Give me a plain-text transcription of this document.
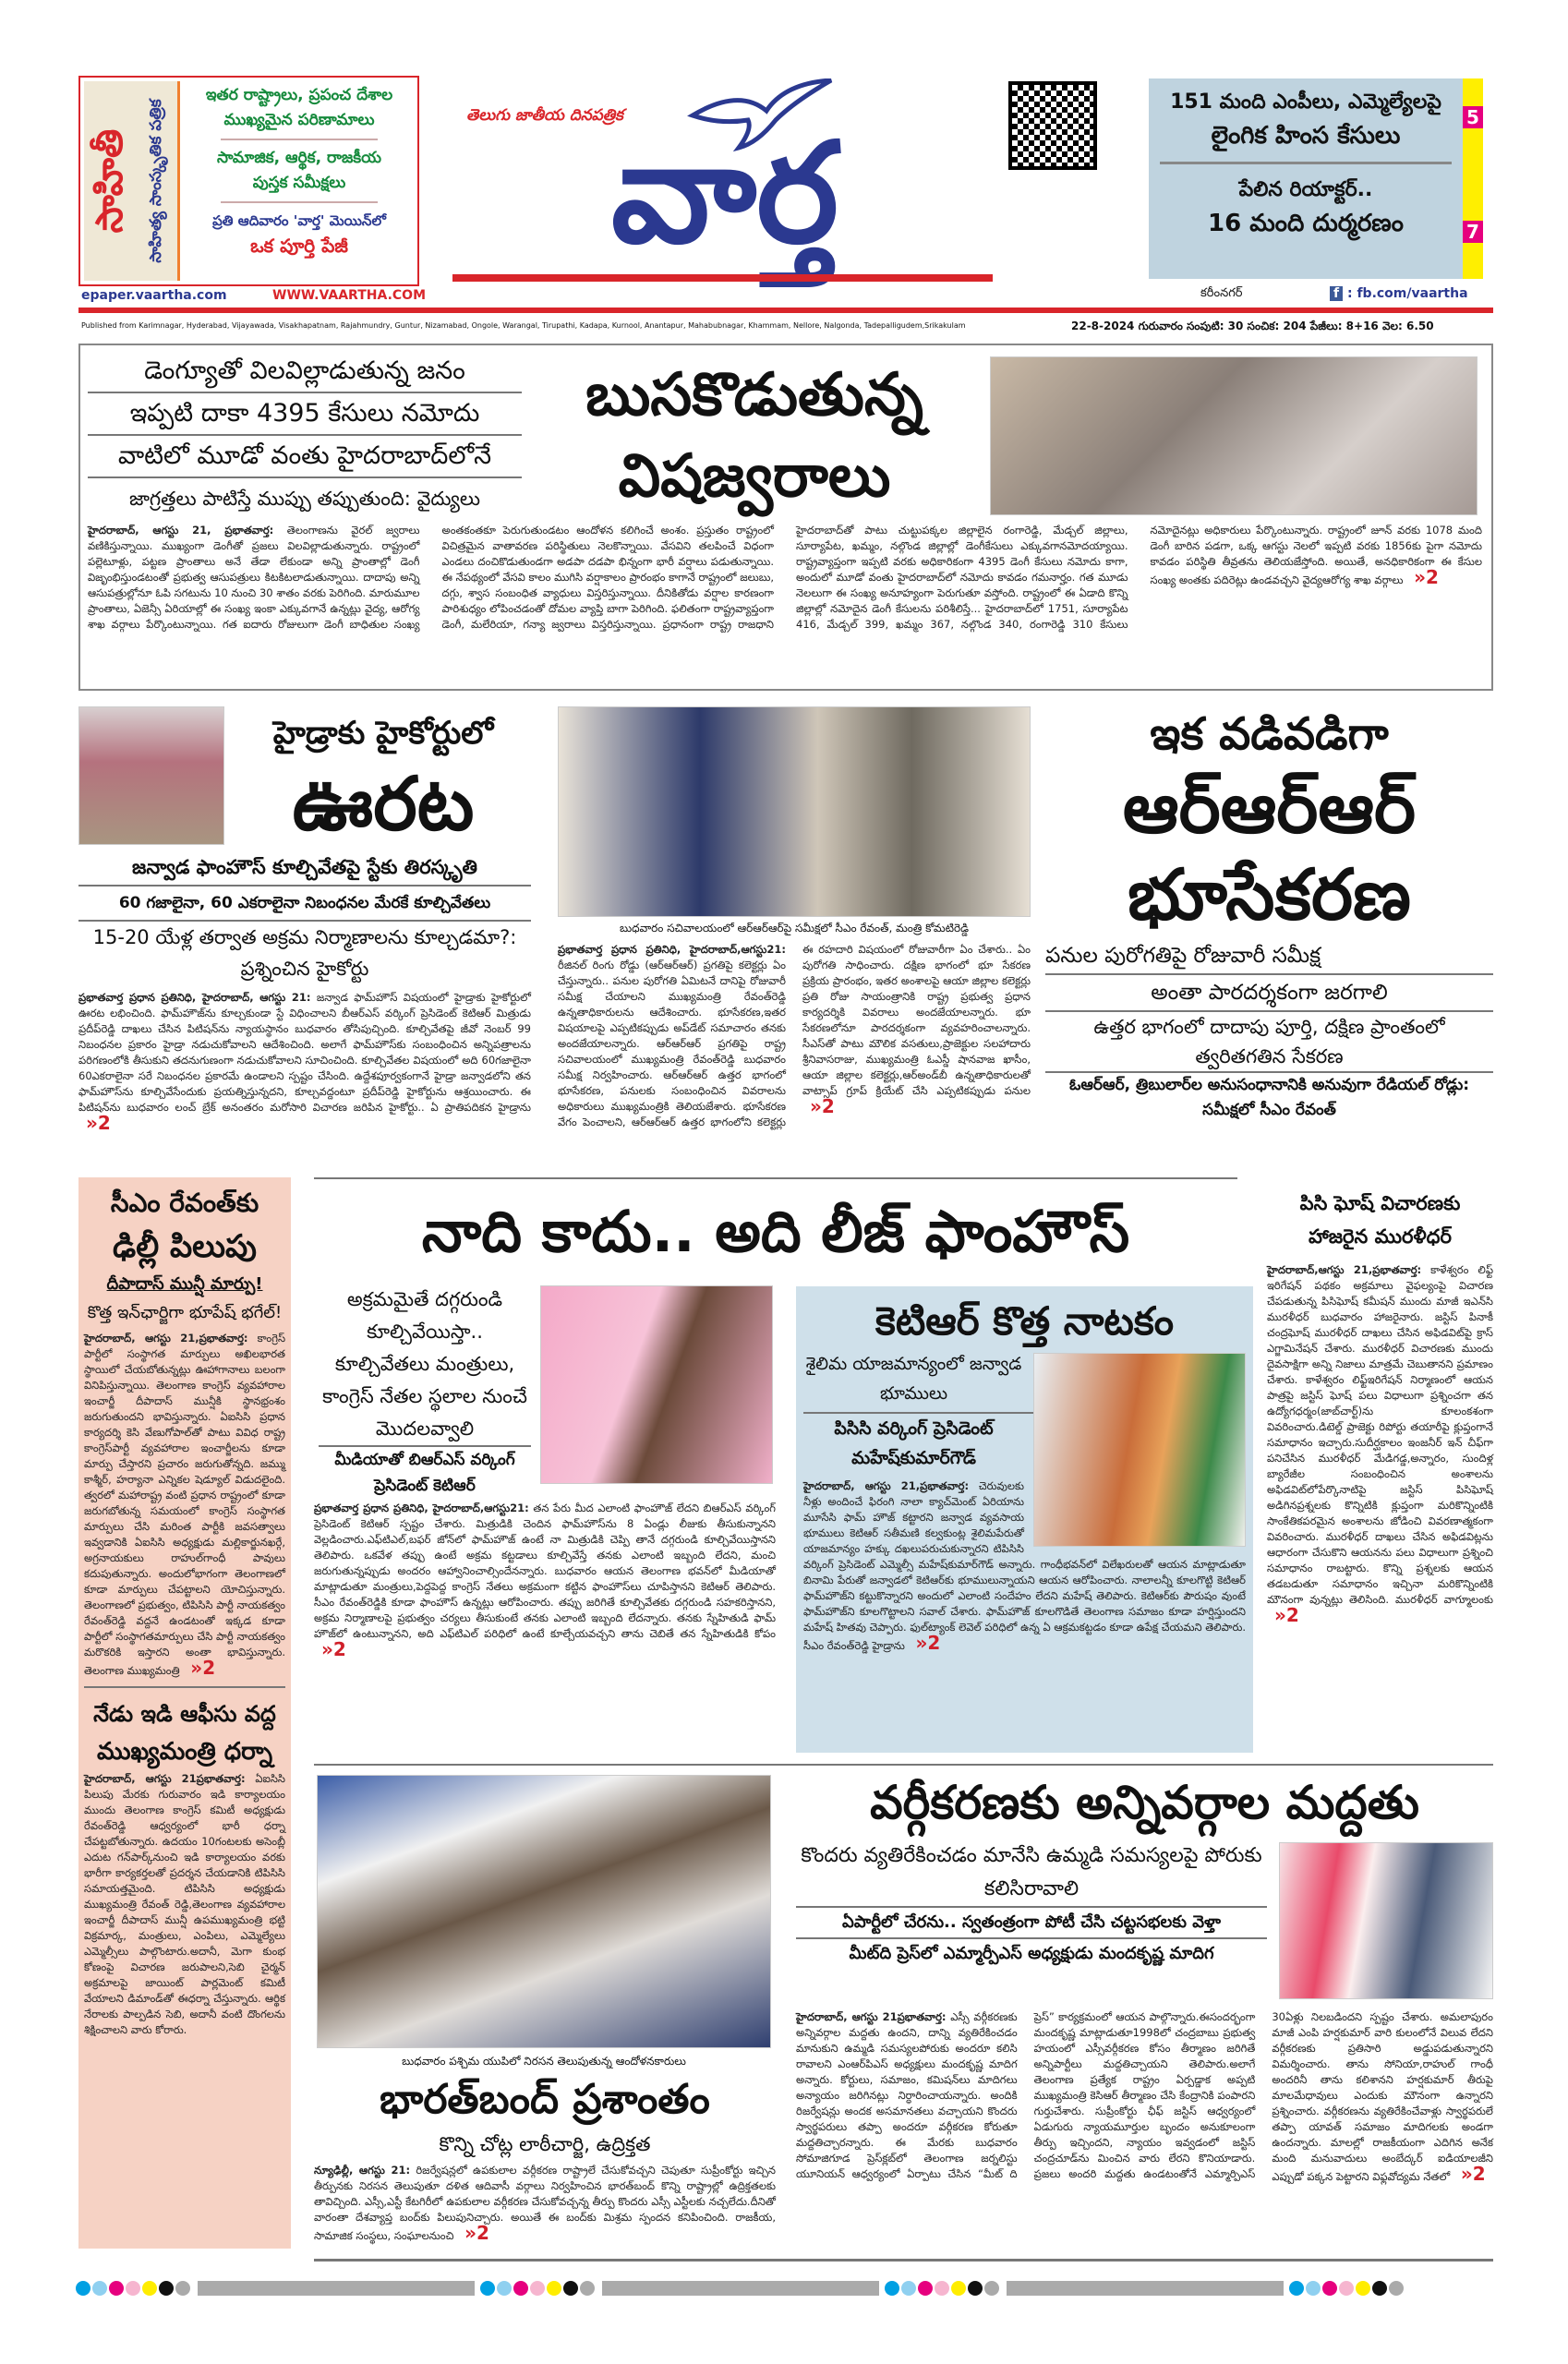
సాహితీ సాహిత్య సాంస్కృతిక పత్రిక
ఇతర రాష్ట్రాలు, ప్రపంచ దేశాల
ముఖ్యమైన పరిణామాలు
సామాజిక, ఆర్థిక, రాజకీయ
పుస్తక సమీక్షలు
ప్రతి ఆదివారం 'వార్త' మెయిన్‌లో
ఒక పూర్తి పేజీ
epaper.vaartha.com	WWW.VAARTHA.COM
తెలుగు జాతీయ దినపత్రిక
వార్త
151 మంది ఎంపీలు, ఎమ్మెల్యేలపై
లైంగిక హింస కేసులు
పేలిన రియాక్టర్..
16 మంది దుర్మరణం
5
7
కరీంనగర్	f : fb.com/vaartha
Published from Karimnagar, Hyderabad, Vijayawada, Visakhapatnam, Rajahmundry, Guntur, Nizamabad, Ongole, Warangal, Tirupathi, Kadapa, Kurnool, Anantapur, Mahabubnagar, Khammam, Nellore, Nalgonda, Tadepalligudem,Srikakulam	22-8-2024 గురువారం సంపుటి: 30 సంచిక: 204 పేజీలు: 8+16 వెల: 6.50
డెంగ్యూతో విలవిల్లాడుతున్న జనం
ఇప్పటి దాకా 4395 కేసులు నమోదు
వాటిలో మూడో వంతు హైదరాబాద్‌లోనే
జాగ్రత్తలు పాటిస్తే ముప్పు తప్పుతుంది: వైద్యులు
బుసకొడుతున్న
విషజ్వరాలు
హైదరాబాద్, ఆగస్టు 21, ప్రభాతవార్త: తెలంగాణను వైరల్ జ్వరాలు వణికిస్తున్నాయి. ముఖ్యంగా డెంగీతో ప్రజలు విలవిల్లాడుతున్నారు. రాష్ట్రంలో పల్లెటూళ్లు, పట్టణ ప్రాంతాలు అనే తేడా లేకుండా అన్ని ప్రాంతాల్లో డెంగీ విజృంభిస్తుండటంతో ప్రభుత్వ ఆసుపత్రులు కిటకిటలాడుతున్నాయి. దాదాపు అన్ని ఆసుపత్రుల్లోనూ ఓపి సగటును 10 నుంచి 30 శాతం వరకు పెరిగింది. మారుమూల ప్రాంతాలు, ఏజెన్సీ ఏరియాల్లో ఈ సంఖ్య ఇంకా ఎక్కువగానే ఉన్నట్లు వైద్య, ఆరోగ్య శాఖ వర్గాలు పేర్కొంటున్నాయి. గత ఐదారు రోజులుగా డెంగీ బాధితుల సంఖ్య అంతకంతకూ పెరుగుతుండటం ఆందోళన కలిగించే అంశం. ప్రస్తుతం రాష్ట్రంలో విచిత్రమైన వాతావరణ పరిస్థితులు నెలకొన్నాయి. వేసవిని తలపించే విధంగా ఎండలు దంచికొడుతుండగా అడపా దడపా భిన్నంగా భారీ వర్షాలు పడుతున్నాయి. ఈ నేపథ్యంలో వేసవి కాలం ముగిసి వర్షాకాలం ప్రారంభం కాగానే రాష్ట్రంలో జలుబు, దగ్గు, శ్వాస సంబంధిత వ్యాధులు విస్తరిస్తున్నాయి. దీనికితోడు వర్షాల కారణంగా పారిశుధ్యం లోపించడంతో దోమల వ్యాప్తి బాగా పెరిగింది. ఫలితంగా రాష్ట్రవ్యాప్తంగా డెంగీ, మలేరియా, గన్యా జ్వరాలు విస్తరిస్తున్నాయి. ప్రధానంగా రాష్ట్ర రాజధాని హైదరాబాద్‌తో పాటు చుట్టుపక్కల జిల్లాలైన రంగారెడ్డి, మేడ్చల్ జిల్లాలు, సూర్యాపేట, ఖమ్మం, నల్గొండ జిల్లాల్లో డెంగీకేసులు ఎక్కువగానమోదయ్యాయి. రాష్ట్రవ్యాప్తంగా ఇప్పటి వరకు అధికారికంగా 4395 డెంగీ కేసులు నమోదు కాగా, అందులో మూడో వంతు హైదరాబాద్‌లో నమోదు కావడం గమనార్హం. గత మూడు నెలలుగా ఈ సంఖ్య అనూహ్యంగా పెరుగుతూ వస్తోంది. రాష్ట్రంలో ఈ ఏడాది కొన్ని జిల్లాల్లో నమోదైన డెంగీ కేసులను పరిశీలిస్తే... హైదరాబాద్‌లో 1751, సూర్యాపేట 416, మేడ్చల్ 399, ఖమ్మం 367, నల్గొండ 340, రంగారెడ్డి 310 కేసులు నమోదైనట్లు అధికారులు పేర్కొంటున్నారు. రాష్ట్రంలో జూన్ వరకు 1078 మంది డెంగీ బారిన పడగా, ఒక్క ఆగస్టు నెలలో ఇప్పటి వరకు 1856కు పైగా నమోదు కావడం పరిస్థితి తీవ్రతను తెలియజేస్తోంది. అయితే, అనధికారికంగా ఈ కేసుల సంఖ్య అంతకు పదిరెట్లు ఉండవచ్చని వైద్యఆరోగ్య శాఖ వర్గాలు »2
హైడ్రాకు హైకోర్టులో
ఊరట
జన్వాడ ఫాంహౌస్ కూల్చివేతపై స్టేకు తిరస్కృతి
60 గజాలైనా, 60 ఎకరాలైనా నిబంధనల మేరకే కూల్చివేతలు
15-20 యేళ్ల తర్వాత అక్రమ నిర్మాణాలను కూల్చడమా?: ప్రశ్నించిన హైకోర్టు
ప్రభాతవార్త ప్రధాన ప్రతినిధి, హైదరాబాద్, ఆగస్టు 21: జన్వాడ ఫామ్‌హౌస్ విషయంలో హైడ్రాకు హైకోర్టులో ఊరట లభించింది. ఫామ్‌హౌజ్‌ను కూల్చకుండా స్టే విధించాలని బీఆర్ఎస్ వర్కింగ్ ప్రెసిడెంట్ కెటిఆర్ మిత్రుడు ప్రదీప్‌రెడ్డి దాఖలు చేసిన పిటిషన్‌ను న్యాయస్థానం బుధవారం తోసిపుచ్చింది. కూల్చివేతపై జీవో నెంబర్ 99 నిబంధనల ప్రకారం హైడ్రా నడుచుకోవాలని ఆదేశించింది. అలాగే ఫామ్‌హౌస్‌కు సంబంధించిన అన్నిపత్రాలను పరిగణంలోకి తీసుకుని తదనుగుణంగా నడుచుకోవాలని సూచించింది. కూల్చివేతల విషయంలో అది 60గజాలైనా 60ఎకరాలైనా సరే నిబంధనల ప్రకారమే ఉండాలని స్పష్టం చేసింది. ఉద్దేశపూర్వకంగానే హైడ్రా జన్వాడలోని తన ఫామ్‌హౌస్‌ను కూల్చివేసేందుకు ప్రయత్నిస్తున్నదని, కూల్చవద్దంటూ ప్రదీప్‌రెడ్డి హైకోర్టును ఆశ్రయించారు. ఈ పిటిషన్‌ను బుధవారం లంచ్ బ్రేక్ అనంతరం మరోసారి విచారణ జరిపిన హైకోర్టు.. ఏ ప్రాతిపదికన హైడ్రాను »2
బుధవారం సచివాలయంలో ఆర్ఆర్ఆర్‌పై సమీక్షలో సీఎం రేవంత్, మంత్రి కోమటిరెడ్డి
ప్రభాతవార్త ప్రధాన ప్రతినిధి, హైదరాబాద్,ఆగస్టు21: రీజినల్ రింగు రోడ్డు (ఆర్ఆర్ఆర్) ప్రగతిపై కలెక్టర్లు ఏం చేస్తున్నారు.. పనుల పురోగతి ఏమిటనే దానిపై రోజువారీ సమీక్ష చేయాలని ముఖ్యమంత్రి రేవంత్‌రెడ్డి ఉన్నతాధికారులను ఆదేశించారు. భూసేకరణ,ఇతర విషయాలపై ఎప్పటికప్పుడు అప్‌డేట్ సమాచారం తనకు అందజేయాలన్నారు. ఆర్ఆర్ఆర్ ప్రగతిపై రాష్ట్ర సచివాలయంలో ముఖ్యమంత్రి రేవంత్‌రెడ్డి బుధవారం సమీక్ష నిర్వహించారు. ఆర్ఆర్ఆర్ ఉత్తర భాగంలో భూసేకరణ, పనులకు సంబంధించిన వివరాలను అధికారులు ముఖ్యమంత్రికి తెలియజేశారు. భూసేకరణ వేగం పెంచాలని, ఆర్ఆర్ఆర్ ఉత్తర భాగంలోని కలెక్టర్లు ఈ రహదారి విషయంలో రోజువారీగా ఏం చేశారు.. ఏం పురోగతి సాధించారు. దక్షిణ భాగంలో భూ సేకరణ ప్రక్రియ ప్రారంభం, ఇతర అంశాలపై ఆయా జిల్లాల కలెక్టర్లు ప్రతి రోజు సాయంత్రానికి రాష్ట్ర ప్రభుత్వ ప్రధాన కార్యదర్శికి వివరాలు అందజేయాలన్నారు. భూ సేకరణలోనూ పారదర్శకంగా వ్యవహరించాలన్నారు. సీఎస్‌తో పాటు మౌలిక వసతులు,ప్రాజెక్టుల సలహాదారు శ్రీనివాసరాజు, ముఖ్యమంత్రి ఓఎస్డీ షానవాజ ఖాసీం, ఆయా జిల్లాల కలెక్టర్లు,ఆర్అండ్‌బీ ఉన్నతాధికారులతో వాట్సాప్ గ్రూప్ క్రియేట్ చేసి ఎప్పటికప్పుడు పనుల »2
ఇక వడివడిగా
ఆర్ఆర్ఆర్
భూసేకరణ
పనుల పురోగతిపై రోజువారీ సమీక్ష
అంతా పారదర్శకంగా జరగాలి
ఉత్తర భాగంలో దాదాపు పూర్తి, దక్షిణ ప్రాంతంలో త్వరితగతిన సేకరణ
ఓఆర్ఆర్, త్రిబులార్‌ల అనుసంధానానికి అనువుగా రేడియల్ రోడ్లు: సమీక్షలో సీఎం రేవంత్
సీఎం రేవంత్‌కు
ఢిల్లీ పిలుపు
దీపాదాస్ మున్షీ మార్పు!
కొత్త ఇన్‌ఛార్జిగా భూపేష్ భగేల్!
హైదరాబాద్, ఆగస్టు 21,ప్రభాతవార్త: కాంగ్రెస్ పార్టీలో సంస్థాగత మార్పులు అఖిలభారత స్థాయిలో చేయబోతున్నట్లు ఊహాగానాలు బలంగా వినిపిస్తున్నాయి. తెలంగాణ కాంగ్రెస్ వ్యవహారాల ఇంచార్జీ దీపాదాస్ మున్షీకి స్థానభ్రంశం జరుగుతుందని భావిస్తున్నారు. ఏఐసిసి ప్రధాన కార్యదర్శి కెసి వేణుగోపాల్‌తో పాటు వివిధ రాష్ట్ర కాంగ్రెస్‌పార్టీ వ్యవహారాల ఇంచార్జీలను కూడా మార్పు చేస్తారని ప్రచారం జరుగుతోన్నది. జమ్ము కాశ్మీర్, హర్యానా ఎన్నికల షెడ్యూల్ విడుదలైంది. త్వరలో మహారాష్ట్ర వంటి ప్రధాన రాష్ట్రంలో కూడా జరుగబోతున్న సమయంలో కాంగ్రెస్ సంస్థాగత మార్పులు చేసి మరింత పార్టీకి జవసత్వాలు ఇవ్వడానికి ఏఐసిసి అధ్యక్షుడు మల్లికార్జునఖర్గే, అగ్రనాయకులు రాహుల్‌గాంధీ పావులు కదుపుతున్నారు. అందులోభాగంగా తెలంగాణలో కూడా మార్పులు చేపట్టాలని యోచిస్తున్నారు. తెలంగాణలో ప్రభుత్వం, టిపిసిసి పార్టీ నాయకత్వం రేవంత్‌రెడ్డి వద్దనే ఉండటంతో ఇక్కడ కూడా పార్టీలో సంస్థాగతమార్పులు చేసి పార్టీ నాయకత్వం మరొకరికి ఇస్తారని అంతా భావిస్తున్నారు. తెలంగాణ ముఖ్యమంత్రి »2
నేడు ఇడి ఆఫీసు వద్ద
ముఖ్యమంత్రి ధర్నా
హైదరాబాద్, ఆగస్టు 21ప్రభాతవార్త: ఏఐసిసి పిలుపు మేరకు గురువారం ఇడి కార్యాలయం ముందు తెలంగాణ కాంగ్రెస్ కమిటీ అధ్యక్షుడు రేవంత్‌రెడ్డి ఆధ్వర్యంలో భారీ ధర్నా చేపట్టబోతున్నారు. ఉదయం 10గంటలకు అసెంబ్లీ ఎదుట గన్‌పార్క్‌నుంచి ఇడి కార్యాలయం వరకు భారీగా కార్యకర్తలతో ప్రదర్శన చేయడానికి టిపిసిసి సమాయత్తమైంది. టిపిసిసి అధ్యక్షుడు ముఖ్యమంత్రి రేవంత్ రెడ్డి,తెలంగాణ వ్యవహారాల ఇంచార్జీ దీపాదాస్ మున్షీ ఉపముఖ్యమంత్రి భట్టి విక్రమార్క, మంత్రులు, ఎంపిలు, ఎమ్మెల్యేలు ఎమ్మెల్సీలు పాల్గొంటారు.అదానీ, మెగా కుంభ కోణంపై విచారణ జరుపాలని,సెబి చైర్మన్ అక్రమాలపై జాయింట్ పార్లమెంట్ కమిటీ వేయాలని డిమాండ్‌తో ఈధర్నా చేస్తున్నారు. ఆర్థిక నేరాలకు పాల్పడిన సెబి, అదానీ వంటి దొంగలను శిక్షించాలని వారు కోరారు.
నాది కాదు.. అది లీజ్ ఫాంహౌస్
అక్రమమైతే దగ్గరుండి కూల్చివేయిస్తా..
కూల్చివేతలు మంత్రులు, కాంగ్రెస్ నేతల స్థలాల నుంచే మొదలవ్వాలి
మీడియాతో బిఆర్ఎస్ వర్కింగ్ ప్రెసిడెంట్ కెటిఆర్
ప్రభాతవార్త ప్రధాన ప్రతినిధి, హైదరాబాద్,ఆగస్టు21: తన పేరు మీద ఎలాంటి ఫాంహౌజ్ లేదని బిఆర్ఎస్ వర్కింగ్ ప్రెసిడెంట్ కెటిఆర్ స్పష్టం చేశారు. మిత్రుడికి చెందిన ఫామ్‌హౌస్‌ను 8 ఏండ్లు లీజుకు తీసుకున్నానని వెల్లడించారు.ఎఫ్‌టిఎల్,బఫర్ జోన్‌లో ఫామ్‌హౌజ్ ఉంటే నా మిత్రుడికి చెప్పి తానే దగ్గరుండి కూల్చివేయిస్తానని తెలిపారు. ఒకవేళ తప్పు ఉంటే అక్రమ కట్టడాలు కూల్చివేస్తే తనకు ఎలాంటి ఇబ్బంది లేదని, మంచి జరుగుతున్నప్పుడు అందరం ఆహ్వానించాల్సిందేనన్నారు. బుధవారం ఆయన తెలంగాణ భవన్‌లో మీడియాతో మాట్లాడుతూ మంత్రులు,పెద్దపెద్ద కాంగ్రెస్ నేతలు అక్రమంగా కట్టిన ఫాంహౌస్‌లు చూపిస్తానని కెటిఆర్ తెలిపారు. సీఎం రేవంత్‌రెడ్డికి కూడా ఫాంహౌస్ ఉన్నట్లు ఆరోపించారు. తప్పు జరిగితే కూల్చివేతకు దగ్గరుండి సహకరిస్తానని, అక్రమ నిర్మాణాలపై ప్రభుత్వం చర్యలు తీసుకుంటే తనకు ఎలాంటి ఇబ్బంది లేదన్నారు. తనకు స్నేహితుడి ఫామ్ హౌజ్‌లో ఉంటున్నానని, అది ఎఫ్‌టిఎల్ పరిధిలో ఉంటే కూల్చేయవచ్చని తాను చెబితే తన స్నేహితుడికి కోపం »2
కెటిఆర్ కొత్త నాటకం
శైలిమ యాజమాన్యంలో జన్వాడ భూములు
పిసిసి వర్కింగ్ ప్రెసిడెంట్ మహేష్‌కుమార్‌గౌడ్
హైదరాబాద్, ఆగస్టు 21,ప్రభాతవార్త: చెరువులకు నీళ్లు అందించే ఫిరంగి నాలా క్యాచ్‌మెంట్ ఏరియాను మూసేసి ఫామ్ హౌజ్ కట్టారని జన్వాడ వ్యవసాయ భూములు కెటిఆర్ సతీమణి కల్వకుంట్ల శైలిమపేరుతో యాజమాన్యం హక్కు దఖలుపరుచుకున్నారని టిపిసిసి వర్కింగ్ ప్రెసిడెంట్ ఎమ్మెల్సీ మహేష్‌కుమార్‌గౌడ్ అన్నారు. గాంధీభవన్‌లో విలేఖరులతో ఆయన మాట్లాడుతూ బినామి పేరుతో జన్వాడలో కెటిఆర్‌కు భూములున్నాయని ఆయన ఆరోపించారు. నాలాలన్నీ కూలగొట్టి కెటిఆర్ ఫామ్‌హౌజ్‌ని కట్టుకొన్నారని అందులో ఎలాంటి సందేహం లేదని మహేష్ తెలిపారు. కెటిఆర్‌కు పౌరుషం వుంటే ఫామ్‌హౌజ్‌ని కూలగొట్టాలని సవాల్ చేశారు. ఫామ్‌హౌజ్ కూలగొడితే తెలంగాణ సమాజం కూడా హర్షిస్తుందని మహేష్ హితవు చెప్పారు. ఫుల్‌ట్యాంక్ లెవెల్ పరిధిలో ఉన్న ఏ ఆక్రమకట్టడం కూడా ఉపేక్ష చేయమని తెలిపారు. సీఎం రేవంత్‌రెడ్డి హైడ్రాను »2
పిసి ఘోష్ విచారణకు
హాజరైన మురళీధర్
హైదరాబాద్,ఆగస్టు 21,ప్రభాతవార్త: కాళేశ్వరం లిఫ్ట్ ఇరిగేషన్ పథకం అక్రమాలు వైఫల్యంపై విచారణ చేపడుతున్న పిసిఘోష్ కమీషన్ ముందు మాజీ ఇఎన్‌సి మురళీధర్ బుధవారం హాజరైనారు. జస్టిస్ పినాకీ చంద్రఘోష్ మురళీధర్ దాఖలు చేసిన అఫిడవిట్‌పై క్రాస్ ఎగ్జామినేషన్ చేశారు. మురళీధర్ విచారణకు ముందు దైవసాక్షిగా అన్ని నిజాలు మాత్రమే చెబుతానని ప్రమాణం చేశారు. కాళేశ్వరం లిఫ్ట్‌ఇరిగేషన్ నిర్మాణంలో ఆయన పాత్రపై జస్టిస్ ఘోష్ పలు విధాలుగా ప్రశ్నించగా తన ఉద్యోగధర్మం(జాబ్‌చార్ట్)ను కూలంకశంగా వివరించారు.డిటెల్డ్ ప్రాజెక్టు రిపోర్టు తయారీపై క్లుప్తంగానే సమాధానం ఇచ్చారు.సుదీర్ఘకాలం ఇంజనీర్ ఇన్ చీఫ్‌గా పనిచేసిన మురళీధర్ మేడిగడ్డ,అన్నారం, సుందిళ్ల బ్యారేజీల సంబంధించిన అంశాలను అఫిడవిట్‌లోపేర్కొనాటిపై జస్టిస్ పిసిఘోష్ అడిగినప్రశ్నలకు కొన్నిటికి క్లుప్తంగా మరికొన్నింటికి సాంకేతికపరమైన అంశాలను జోడించి వివరణాత్మకంగా వివరించారు. మురళీధర్ దాఖలు చేసిన అఫిడవిట్లను ఆధారంగా చేసుకొని ఆయనను పలు విధాలుగా ప్రశ్నించి సమాధానం రాబట్టారు. కొన్ని ప్రశ్నలకు ఆయన తడబడుతూ సమాధానం ఇచ్చినా మరికొన్నింటికి మౌనంగా వున్నట్లు తెలిసింది. మురళీధర్ వాగ్మూలంకు »2
బుధవారం పశ్చిమ యుపిలో నిరసన తెలుపుతున్న ఆందోళనకారులు
భారత్‌బంద్ ప్రశాంతం
కొన్ని చోట్ల లాఠీచార్జి, ఉద్రిక్తత
న్యూఢిల్లీ, ఆగస్టు 21: రిజర్వేషన్లలో ఉపకులాల వర్గీకరణ రాష్ట్రాలే చేసుకోవచ్చని చెపుతూ సుప్రీంకోర్టు ఇచ్చిన తీర్పునకు నిరసన తెలుపుతూ దళిత ఆదివాసీ వర్గాలు నిర్వహించిన భారత్‌బంద్ కొన్ని రాష్ట్రాల్లో ఉద్రిక్తతలకు తావిచ్చింది. ఎస్సీ,ఎస్టీ కేటగిరీలో ఉపకులాల వర్గీకరణ చేసుకోవచ్చన్న తీర్పు కొందరు ఎస్సీ ఎస్టీలకు నచ్చలేదు.దీనితో వారంతా దేశవ్యాప్త బంద్‌కు పిలుపునిచ్చారు. అయితే ఈ బంద్‌కు మిశ్రమ స్పందన కనిపించింది. రాజకీయ, సామాజిక సంస్థలు, సంఘాలనుంచి »2
వర్గీకరణకు అన్నివర్గాల మద్దతు
కొందరు వ్యతిరేకించడం మానేసి ఉమ్మడి సమస్యలపై పోరుకు కలిసిరావాలి
ఏపార్టీలో చేరను.. స్వతంత్రంగా పోటీ చేసి చట్టసభలకు వెళ్తా
మీట్‌ది ప్రెస్‌లో ఎమ్మార్పీఎస్ అధ్యక్షుడు మందకృష్ణ మాదిగ
హైదరాబాద్, ఆగస్టు 21ప్రభాతవార్త: ఎస్సీ వర్గీకరణకు అన్నివర్గాల మద్దతు ఉందని, దాన్ని వ్యతిరేకించడం మానుకుని ఉమ్మడి సమస్యలపోరుకు అందరూ కలిసి రావాలని ఎంఆర్‌పిఎస్ అధ్యక్షులు మందకృష్ణ మాదిగ అన్నారు. కోర్టులు, సమాజం, కమిషన్‌లు మాదిగలు అన్యాయం జరిగినట్లు నిర్ధారించాయన్నారు. అందికి రిజర్వేషన్లు అందక అసమానతలు వచ్చాయని కొందరు స్వార్థపరులు తప్పా అందరూ వర్గీకరణ కోరుతూ మద్దతిచ్చారన్నారు. ఈ మేరకు బుధవారం సోమాజిగూడ ప్రెస్‌క్లబ్‌లో తెలంగాణ జర్నలిస్టు యూనియన్ ఆధ్వర్యంలో ఏర్పాటు చేసిన “మీట్ ది ప్రెస్” కార్యక్రమంలో ఆయన పాల్గొన్నారు.ఈసందర్భంగా మందకృష్ణ మాట్లాడుతూ1998లో చంద్రబాబు ప్రభుత్వ హయంలో ఎస్సీవర్గీకరణ కోసం తీర్మాణం జరిగితే అన్నిపార్టీలు మద్దతిచ్చాయని తెలిపారు.అలాగే తెలంగాణ ప్రత్యేక రాష్ట్రం ఏర్పడ్డాక అప్పటి ముఖ్యమంత్రి కెసిఆర్ తీర్మాణం చేసి కేంద్రానికి పంపారని గుర్తుచేశారు. సుప్రీంకోర్టు ఛీఫ్ జస్టిస్ ఆధ్వర్యంలో ఏడుగురు న్యాయమూర్తుల బృందం అనుకూలంగా తీర్పు ఇచ్చిందని, న్యాయం ఇవ్వడంలో జస్టిస్ చంద్రచూడ్‌ను మించిన వారు లేరని కొనియాడారు. ప్రజలు అందరి మద్దతు ఉండటంతోనే ఎమ్మార్పిఎస్ 30ఏళ్లు నిలబడిందని స్పష్టం చేశారు. అమలాపురం మాజీ ఎంపి హర్షకుమార్ వారి కులంలోనే విలువ లేదని వర్గీకరణకు ప్రతిసారి అడ్డుపడుతున్నారని విమర్శించారు. తాను సోనియా,రాహుల్ గాంధీ అందరినీ తాను కలిశానని హర్షకుమార్ తీరుపై మాలమేధావులు ఎందుకు మౌనంగా ఉన్నారని ప్రశ్నించారు. వర్గీకరణను వ్యతిరేకించేవాళ్లు స్వార్థపరులే తప్పా యావత్ సమాజం మాదిగలకు అండగా ఉందన్నారు. మాలల్లో రాజకీయంగా ఎదిగిన అనేక మంది మనువాదులు అంబేద్కర్ ఐడియాలజీని ఎప్పుడో పక్కన పెట్టారని విఫ్లవోద్యమ నేతలో »2
